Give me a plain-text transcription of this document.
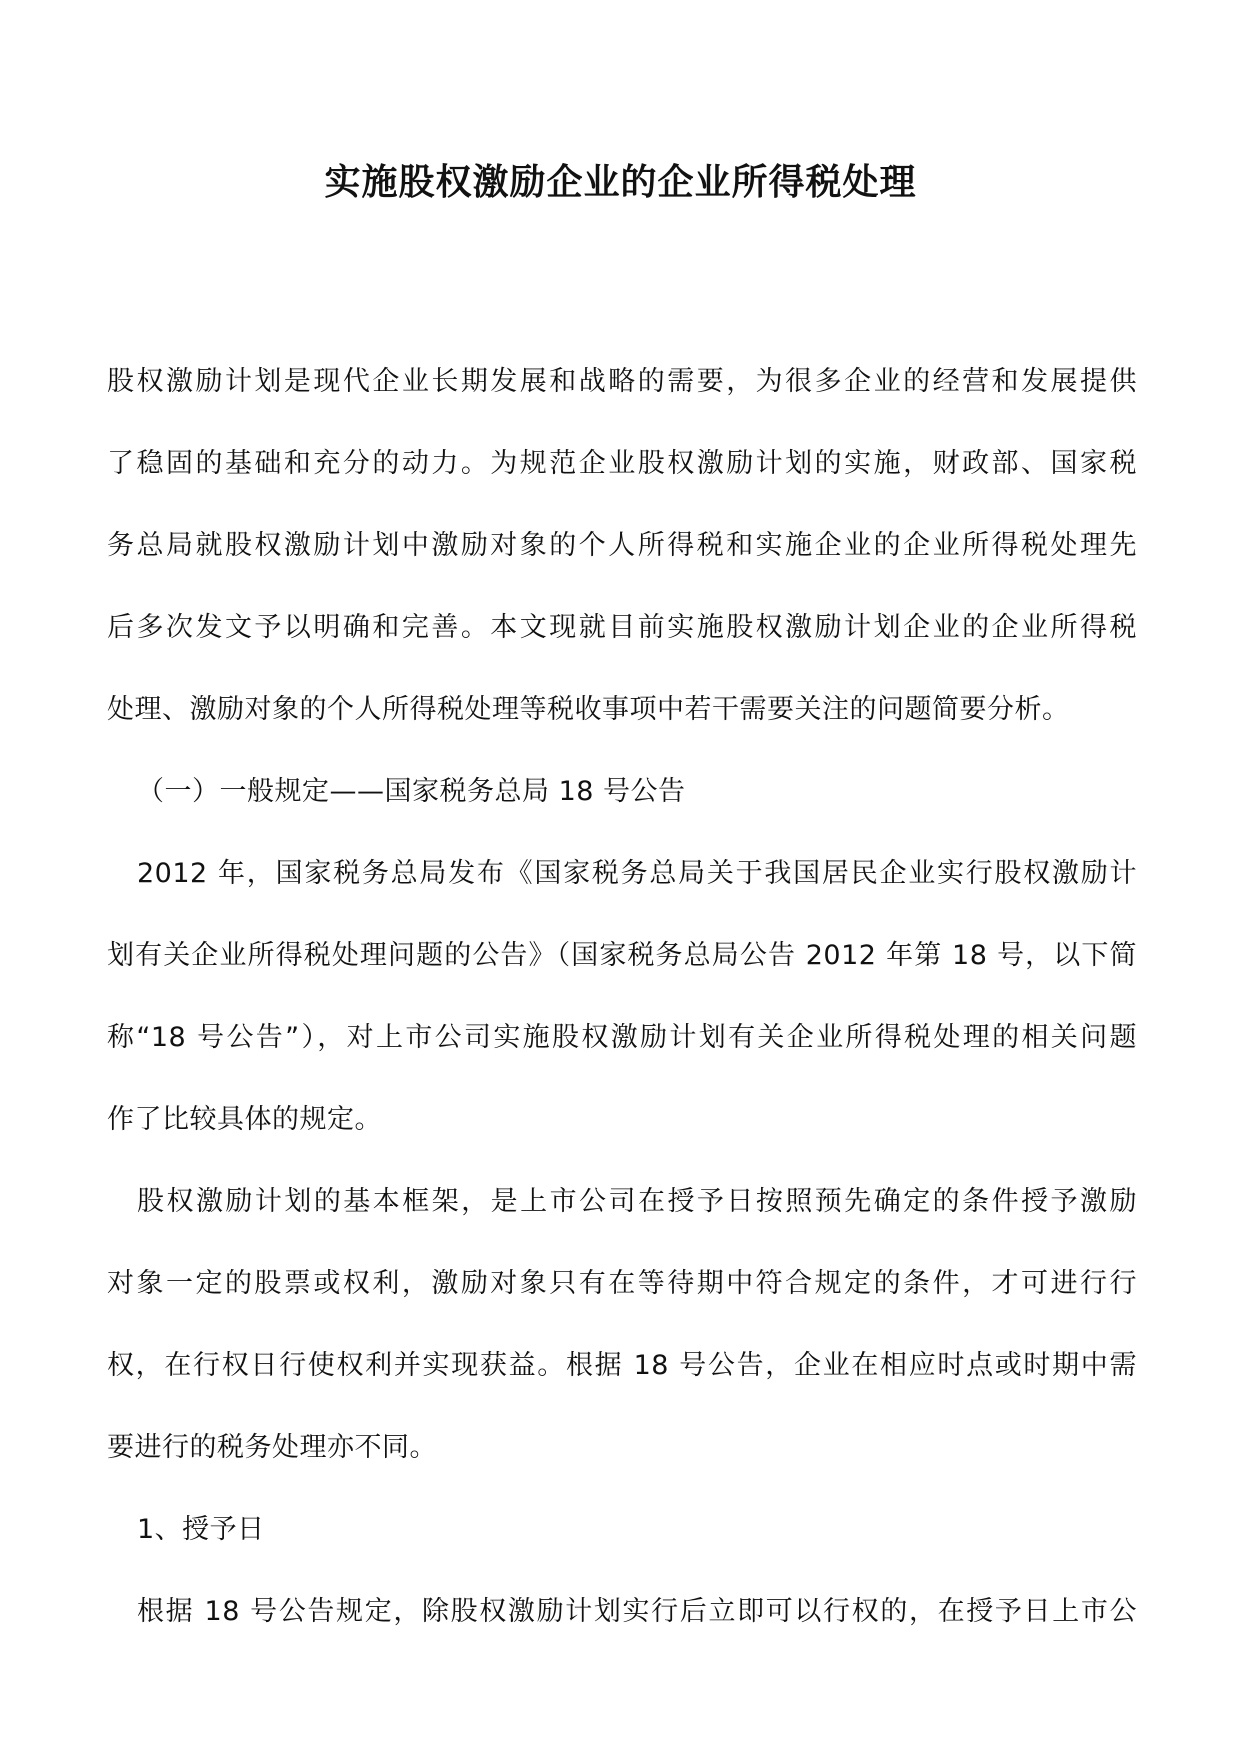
实施股权激励企业的企业所得税处理

股权激励计划是现代企业长期发展和战略的需要，为很多企业的经营和发展提供
了稳固的基础和充分的动力。为规范企业股权激励计划的实施，财政部、国家税
务总局就股权激励计划中激励对象的个人所得税和实施企业的企业所得税处理先
后多次发文予以明确和完善。本文现就目前实施股权激励计划企业的企业所得税
处理、激励对象的个人所得税处理等税收事项中若干需要关注的问题简要分析。

（一）一般规定——国家税务总局 18 号公告

2012 年，国家税务总局发布《国家税务总局关于我国居民企业实行股权激励计
划有关企业所得税处理问题的公告》（国家税务总局公告 2012 年第 18 号，以下简
称“18 号公告”），对上市公司实施股权激励计划有关企业所得税处理的相关问题
作了比较具体的规定。

股权激励计划的基本框架，是上市公司在授予日按照预先确定的条件授予激励
对象一定的股票或权利，激励对象只有在等待期中符合规定的条件，才可进行行
权，在行权日行使权利并实现获益。根据 18 号公告，企业在相应时点或时期中需
要进行的税务处理亦不同。

1、授予日

根据 18 号公告规定，除股权激励计划实行后立即可以行权的，在授予日上市公
